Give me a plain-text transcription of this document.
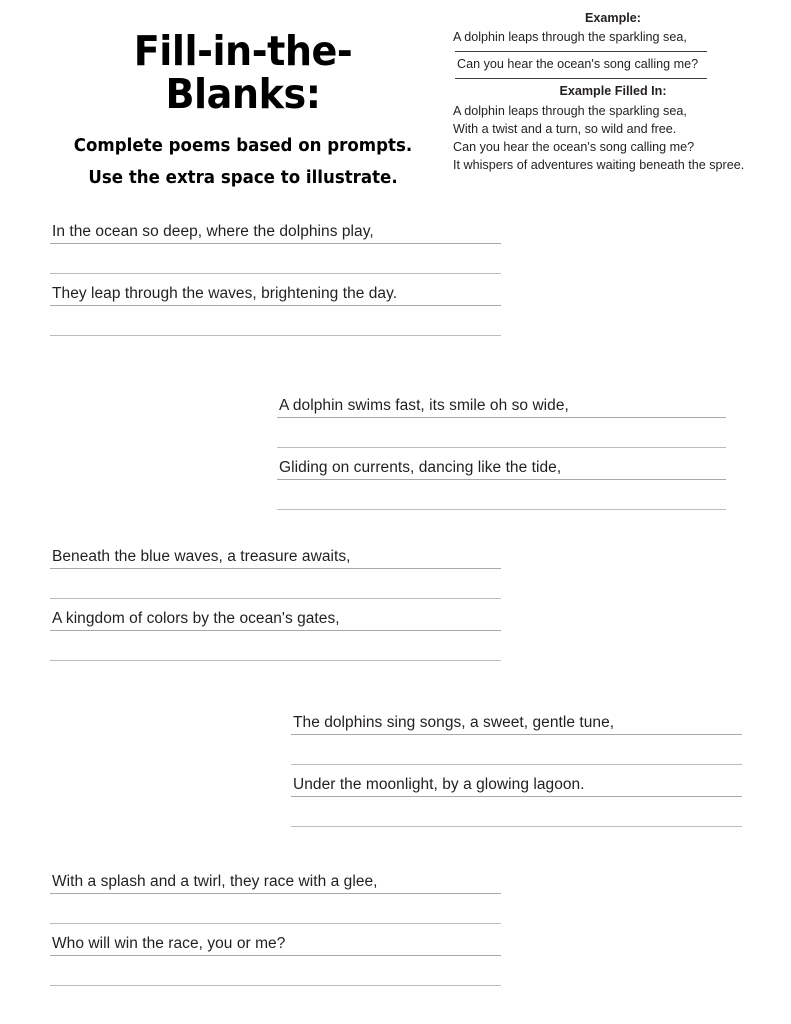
Fill-in-the-Blanks:

Complete poems based on prompts.

Use the extra space to illustrate.

Example:

A dolphin leaps through the sparkling sea,

Can you hear the ocean's song calling me?

Example Filled In:

A dolphin leaps through the sparkling sea,

With a twist and a turn, so wild and free.

Can you hear the ocean's song calling me?

It whispers of adventures waiting beneath the spree.

In the ocean so deep, where the dolphins play,
They leap through the waves, brightening the day.
A dolphin swims fast, its smile oh so wide,
Gliding on currents, dancing like the tide,
Beneath the blue waves, a treasure awaits,
A kingdom of colors by the ocean's gates,
The dolphins sing songs, a sweet, gentle tune,
Under the moonlight, by a glowing lagoon.
With a splash and a twirl, they race with a glee,
Who will win the race, you or me?
